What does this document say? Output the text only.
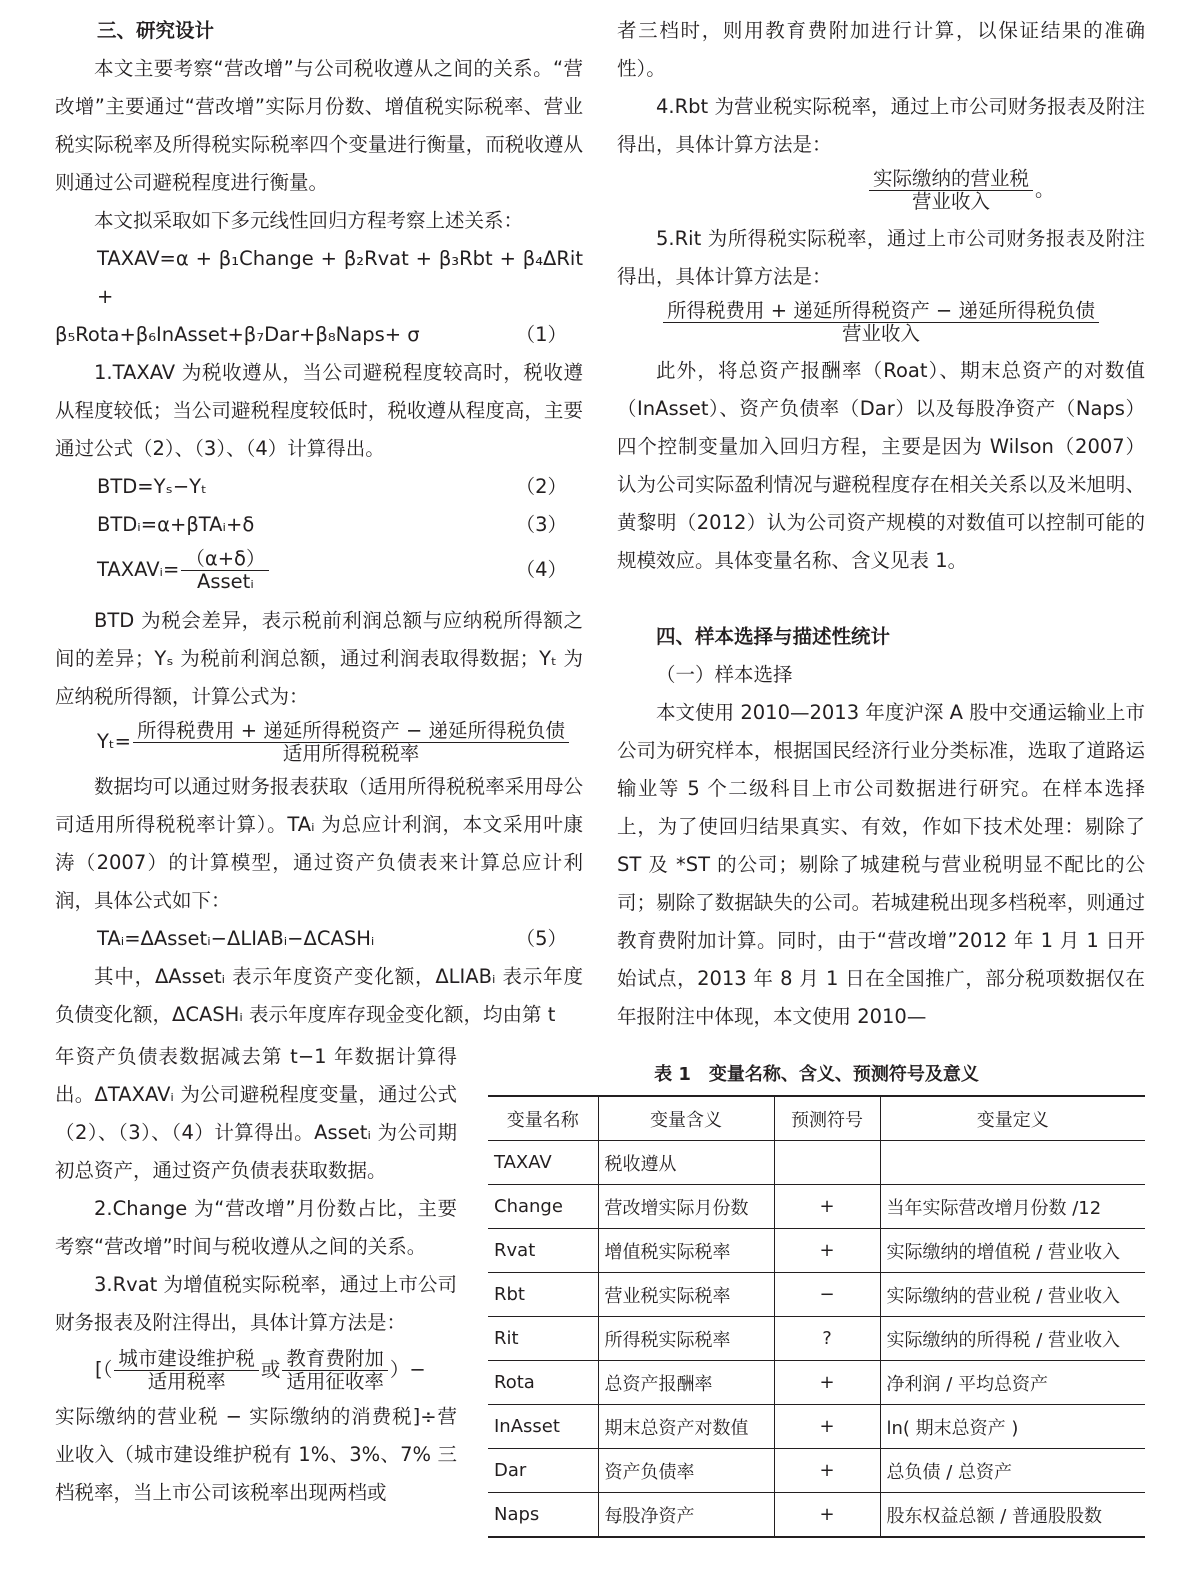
三、研究设计

本文主要考察“营改增”与公司税收遵从之间的关系。“营改增”主要通过“营改增”实际月份数、增值税实际税率、营业税实际税率及所得税实际税率四个变量进行衡量，而税收遵从则通过公司避税程度进行衡量。

本文拟采取如下多元线性回归方程考察上述关系：

TAXAV=α + β₁Change + β₂Rvat + β₃Rbt + β₄ΔRit +

β₅Rota+β₆InAsset+β₇Dar+β₈Naps+ σ	（1）

1.TAXAV 为税收遵从，当公司避税程度较高时，税收遵从程度较低；当公司避税程度较低时，税收遵从程度高，主要通过公式（2）、（3）、（4）计算得出。

BTD=Yₛ−Yₜ	（2）

BTDᵢ=α+βTAᵢ+δ	（3）

TAXAVᵢ= （α+δ）
Assetᵢ
（4）

BTD 为税会差异，表示税前利润总额与应纳税所得额之间的差异；Yₛ 为税前利润总额，通过利润表取得数据；Yₜ 为应纳税所得额，计算公式为：

Yₜ= 所得税费用 + 递延所得税资产 − 递延所得税负债
适用所得税税率

数据均可以通过财务报表获取（适用所得税税率采用母公司适用所得税税率计算）。TAᵢ 为总应计利润，本文采用叶康涛（2007）的计算模型，通过资产负债表来计算总应计利润，具体公式如下：

TAᵢ=ΔAssetᵢ−ΔLIABᵢ−ΔCASHᵢ	（5）

其中，ΔAssetᵢ 表示年度资产变化额，ΔLIABᵢ 表示年度负债变化额，ΔCASHᵢ 表示年度库存现金变化额，均由第 t

年资产负债表数据减去第 t−1 年数据计算得出。ΔTAXAVᵢ 为公司避税程度变量，通过公式（2）、（3）、（4）计算得出。Assetᵢ 为公司期初总资产，通过资产负债表获取数据。

2.Change 为“营改增”月份数占比，主要考察“营改增”时间与税收遵从之间的关系。

3.Rvat 为增值税实际税率，通过上市公司财务报表及附注得出，具体计算方法是：

[（ 城市建设维护税
适用税率
或 教育费附加
适用征收率
）−

实际缴纳的营业税 − 实际缴纳的消费税]÷营业收入（城市建设维护税有 1%、3%、7% 三档税率，当上市公司该税率出现两档或

者三档时，则用教育费附加进行计算，以保证结果的准确性）。

4.Rbt 为营业税实际税率，通过上市公司财务报表及附注得出，具体计算方法是：

实际缴纳的营业税
营业收入
。

5.Rit 为所得税实际税率，通过上市公司财务报表及附注得出，具体计算方法是：

所得税费用 + 递延所得税资产 − 递延所得税负债
营业收入

此外，将总资产报酬率（Roat）、期末总资产的对数值（InAsset）、资产负债率（Dar）以及每股净资产（Naps）四个控制变量加入回归方程，主要是因为 Wilson（2007）认为公司实际盈利情况与避税程度存在相关关系以及米旭明、黄黎明（2012）认为公司资产规模的对数值可以控制可能的规模效应。具体变量名称、含义见表 1。

四、样本选择与描述性统计

（一）样本选择

本文使用 2010—2013 年度沪深 A 股中交通运输业上市公司为研究样本，根据国民经济行业分类标准，选取了道路运输业等 5 个二级科目上市公司数据进行研究。在样本选择上，为了使回归结果真实、有效，作如下技术处理：剔除了 ST 及 *ST 的公司；剔除了城建税与营业税明显不配比的公司；剔除了数据缺失的公司。若城建税出现多档税率，则通过教育费附加计算。同时，由于“营改增”2012 年 1 月 1 日开始试点，2013 年 8 月 1 日在全国推广，部分税项数据仅在年报附注中体现，本文使用 2010—

表 1　变量名称、含义、预测符号及意义
变量名称	变量含义	预测符号	变量定义
TAXAV	税收遵从		
Change	营改增实际月份数	+	当年实际营改增月份数 /12
Rvat	增值税实际税率	+	实际缴纳的增值税 / 营业收入
Rbt	营业税实际税率	−	实际缴纳的营业税 / 营业收入
Rit	所得税实际税率	?	实际缴纳的所得税 / 营业收入
Rota	总资产报酬率	+	净利润 / 平均总资产
InAsset	期末总资产对数值	+	ln( 期末总资产 )
Dar	资产负债率	+	总负债 / 总资产
Naps	每股净资产	+	股东权益总额 / 普通股股数
